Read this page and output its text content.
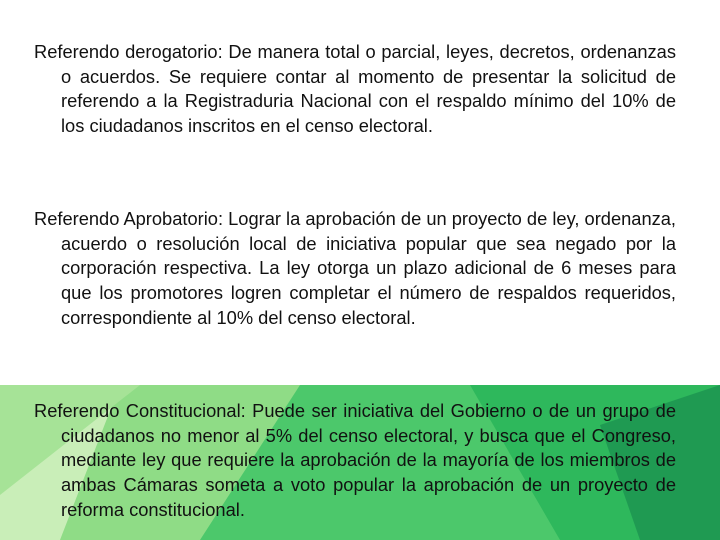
Referendo derogatorio: De manera total o parcial, leyes, decretos, ordenanzas o acuerdos. Se requiere contar al momento de presentar la solicitud de referendo a la Registraduria Nacional con el respaldo mínimo del 10% de los ciudadanos inscritos en el censo electoral.

Referendo Aprobatorio: Lograr la aprobación de un proyecto de ley, ordenanza, acuerdo o resolución local de iniciativa popular que sea negado por la corporación respectiva. La ley otorga un plazo adicional de 6 meses para que los promotores logren completar el número de respaldos requeridos, correspondiente al 10% del censo electoral.

Referendo Constitucional: Puede ser iniciativa del Gobierno o de un grupo de ciudadanos no menor al 5% del censo electoral, y busca que el Congreso, mediante ley que requiere la aprobación de la mayoría de los miembros de ambas Cámaras someta a voto popular la aprobación de un proyecto de reforma constitucional.
